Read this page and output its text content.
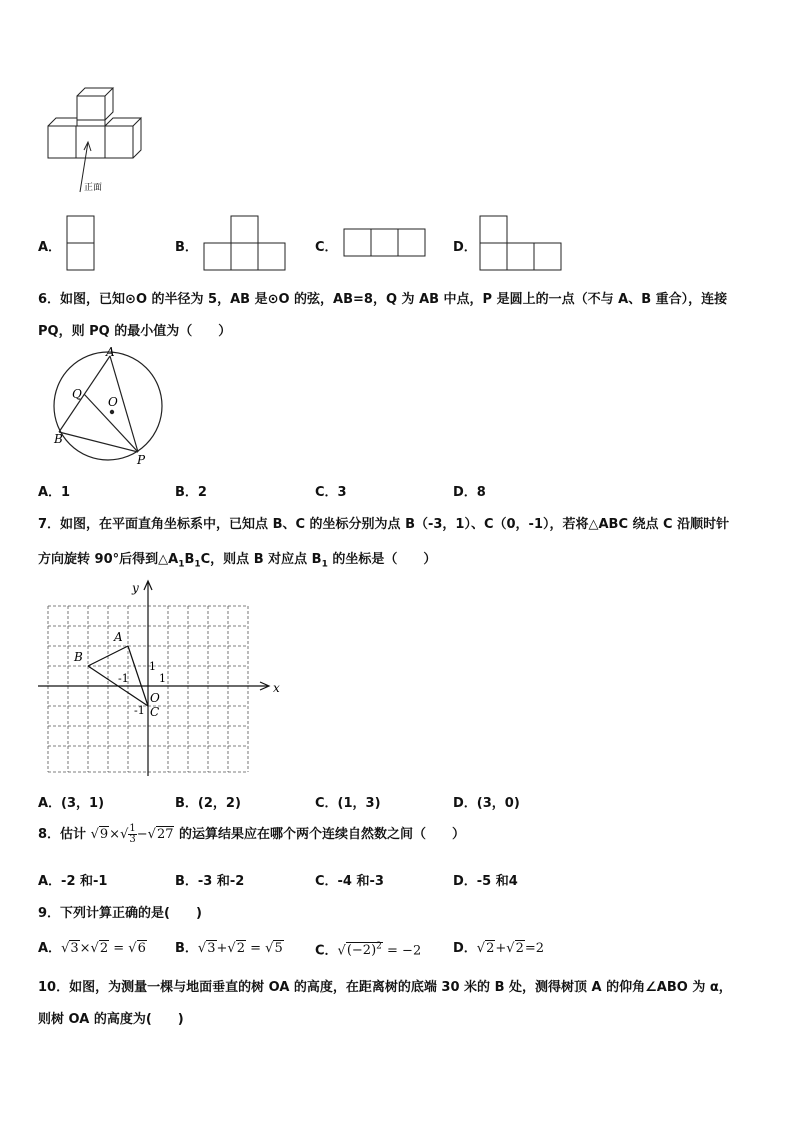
正面
A．	B．	C．	D．
6．如图，已知⊙O 的半径为 5，AB 是⊙O 的弦，AB=8，Q 为 AB 中点，P 是圆上的一点（不与 A、B 重合），连接
PQ，则 PQ 的最小值为（　　）
A
Q
O
B
P
A．1	B．2	C．3	D．8
7．如图，在平面直角坐标系中，已知点 B、C 的坐标分别为点 B（-3，1）、C（0，-1），若将△ABC 绕点 C 沿顺时针
方向旋转 90°后得到$\triangle A_1B_1C$，则点 B 对应点 $B_1$ 的坐标是（　　）
y
x
A
B
O
C
1
1
-1
-1
A．(3，1)	B．(2，2)	C．(1，3)	D．(3，0)
8．估计 $√9\times√ \frac{1}{3} -√27$ 的运算结果应在哪个两个连续自然数之间（　　）
A．-2 和-1	B．-3 和-2	C．-4 和-3	D．-5 和4
9．下列计算正确的是(　　)
A．√3×√2 = √6 B．√3+√2 = √5 C．$√(-2)^2 = -2$ D．√2+√2=2
10．如图，为测量一棵与地面垂直的树 OA 的高度，在距离树的底端 30 米的 B 处，测得树顶 A 的仰角∠ABO 为 α，
则树 OA 的高度为(　　)
